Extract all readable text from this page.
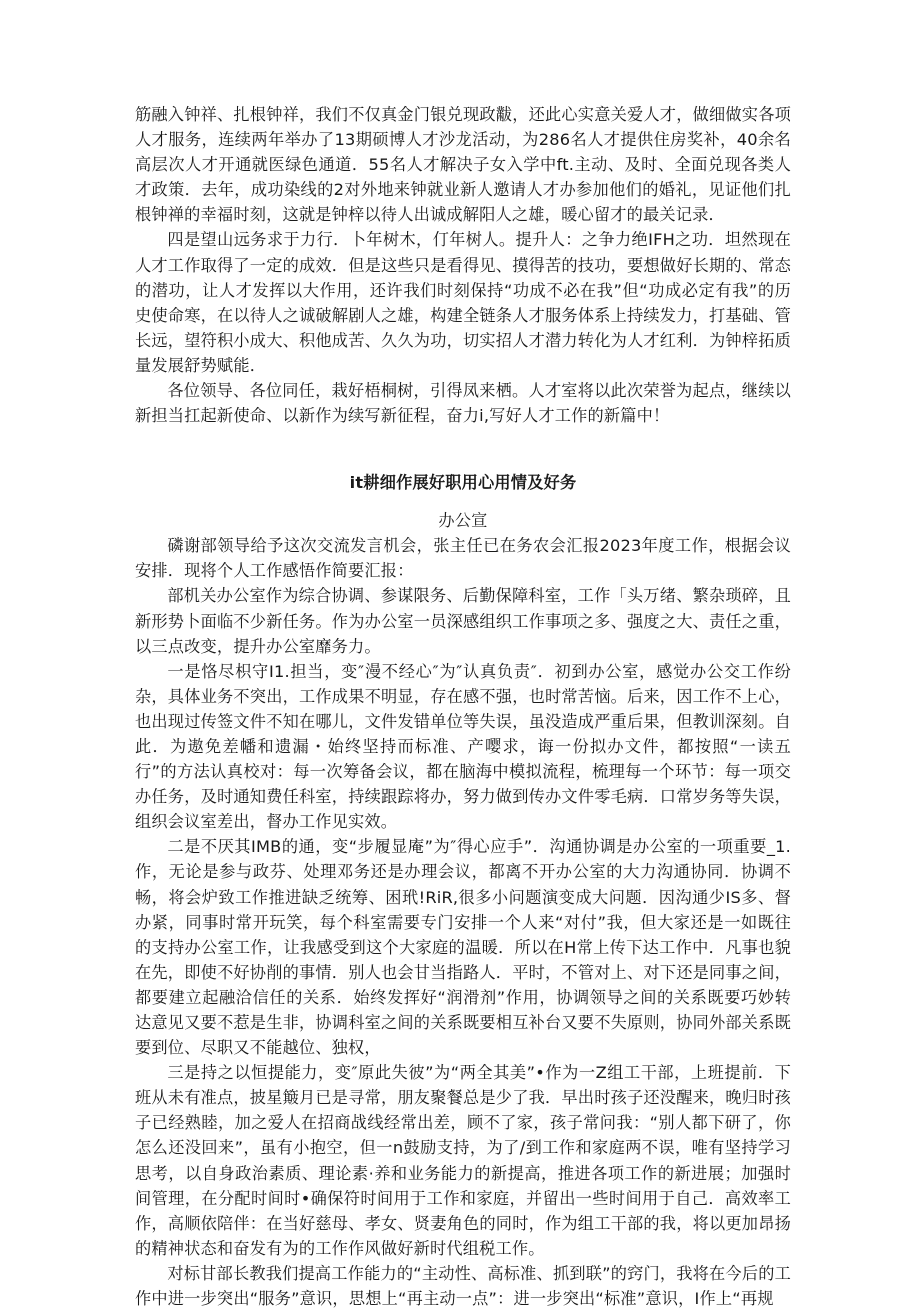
筋融入钟祥、扎根钟祥，我们不仅真金门银兑现政黻，还此心实意关爱人才，做细做实各项人才服务，连续两年举办了13期硕博人才沙龙活动，为286名人才提供住房奖补，40余名高层次人才开通就医绿色通道．55名人才解决子女入学中ft.主动、及时、全面兑现各类人才政策．去年，成功染线的2对外地来钟就业新人邀请人才办参加他们的婚礼，见证他们扎根钟禅的幸福时刻，这就是钟梓以待人出诚成解阳人之雄，暖心留才的最关记录．

四是望山远务求于力行．卜年树木，仃年树人。提升人：之争力绝IFH之功．坦然现在人才工作取得了一定的成效．但是这些只是看得见、摸得苦的技功，要想做好长期的、常态的潜功，让人才发挥以大作用，还许我们时刻保持“功成不必在我”但“功成必定有我”的历史使命寒，在以待人之诚破解剧人之雄，构建全链条人才服务体系上持续发力，打基础、管长远，望符积小成大、积他成苦、久久为功，切实招人才潜力转化为人才红利．为钟梓拓质量发展舒势赋能．

各位领导、各位同任，栽好梧桐树，引得凤来栖。人才室将以此次荣誉为起点，继续以新担当扛起新使命、以新作为续写新征程，奋力i,写好人才工作的新篇中！

it耕细作展好职用心用情及好务
办公宣

磷谢部领导给予这次交流发言机会，张主任已在务农会汇报2023年度工作，根据会议安排．现将个人工作感悟作简要汇报：

部机关办公室作为综合协调、参谋限务、后勤保障科室，工作「头万绪、繁杂琐碎，且新形势卜面临不少新任务。作为办公室一员深感组织工作事项之多、强度之大、责任之重，以三点改变，提升办公室靡务力。

一是恪尽枳守I1.担当，变″漫不经心″为″认真负责″．初到办公室，感觉办公交工作纷杂，具体业务不突出，工作成果不明显，存在感不强，也时常苦恼。后来，因工作不上心，也出现过传签文件不知在哪儿，文件发错单位等失误，虽没造成严重后果，但教训深刻。自此．为遨免差幡和遗漏・始终坚持而标准、产嘤求，诲一份拟办文件，都按照“一读五行”的方法认真校对：每一次筹备会议，都在脑海中模拟流程，梳理每一个环节：每一项交办任务，及时通知费任科室，持续跟踪将办，努力做到传办文件零毛病．口常岁务等失误，组织会议室差出，督办工作见实效。

二是不厌其IMB的通，变“步履显庵”为″得心应手”．沟通协调是办公室的一项重要_1.作，无论是参与政芬、处理邓务还是办理会议，都离不开办公室的大力沟通协同．协调不畅，将会炉致工作推进缺乏统筹、困玳!RiR,很多小问题演变成大问题．因沟通少IS多、督办紧，同事时常开玩笑，每个科室需要专门安排一个人来“对付”我，但大家还是一如既往的支持办公室工作，让我感受到这个大家庭的温暖．所以在H常上传下达工作中．凡事也貌在先，即使不好协削的事情．别人也会甘当指路人．平时，不管对上、对下还是同事之间，都要建立起融洽信任的关系．始终发挥好“润滑剂”作用，协调领导之间的关系既要巧妙转达意见又要不惹是生非，协调科室之间的关系既要相互补台又要不失原则，协同外部关系既要到位、尽职又不能越位、独权，

三是持之以恒提能力，变″原此失彼”为“两全其美”•作为一Z组工干部，上班提前．下班从未有准点，披星簸月已是寻常，朋友聚餐总是少了我．早出时孩子还没醒来，晚归时孩子已经熟睦，加之爱人在招商战线经常出差，顾不了家，孩子常问我：“别人都下研了，你怎么还没回来”，虽有小抱空，但一n鼓励支持，为了/到工作和家庭两不误，唯有坚持学习思考，以自身政治素质、理论素·养和业务能力的新提高，推进各项工作的新进展；加强时间管理，在分配时间时•确保符时间用于工作和家庭，并留出一些时间用于自己．高效率工作，高顺依陪伴：在当好慈母、孝女、贤妻角色的同时，作为组工干部的我，将以更加昂扬的精神状态和奋发有为的工作作风做好新时代组税工作。

对标甘部长教我们提高工作能力的“主动性、高标准、抓到联”的窍门，我将在今后的工作中进一步突出“服务”意识，思想上“再主动一点”：进一步突出“标准”意识，I作上“再规
